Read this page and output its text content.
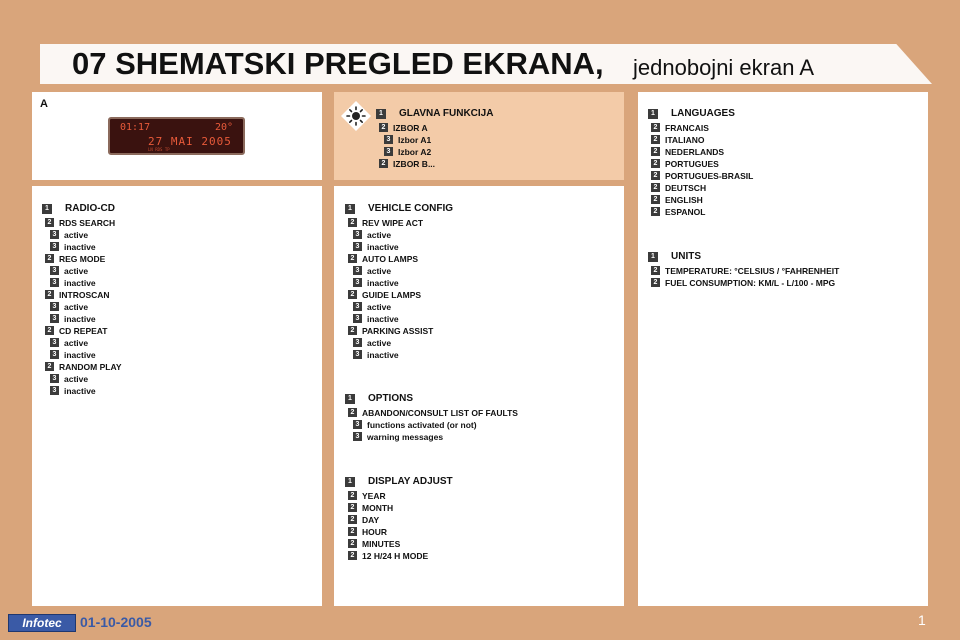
07 SHEMATSKI PREGLED EKRANA, jednobojni ekran A
A
01:17	20°
27 MAI 2005
LN RDS TP
1 RADIO-CD
2 RDS SEARCH
3 active
3 inactive
2 REG MODE
3 active
3 inactive
2 INTROSCAN
3 active
3 inactive
2 CD REPEAT
3 active
3 inactive
2 RANDOM PLAY
3 active
3 inactive
1 GLAVNA FUNKCIJA
2 IZBOR A
3 Izbor A1
3 Izbor A2
2 IZBOR B...
1 VEHICLE CONFIG
2 REV WIPE ACT
3 active
3 inactive
2 AUTO LAMPS
3 active
3 inactive
2 GUIDE LAMPS
3 active
3 inactive
2 PARKING ASSIST
3 active
3 inactive
1 OPTIONS
2 ABANDON/CONSULT LIST OF FAULTS
3 functions activated (or not)
3 warning messages
1 DISPLAY ADJUST
2 YEAR
2 MONTH
2 DAY
2 HOUR
2 MINUTES
2 12 H/24 H MODE
1 LANGUAGES
2 FRANCAIS
2 ITALIANO
2 NEDERLANDS
2 PORTUGUES
2 PORTUGUES-BRASIL
2 DEUTSCH
2 ENGLISH
2 ESPANOL
1 UNITS
2 TEMPERATURE: °CELSIUS / °FAHRENHEIT
2 FUEL CONSUMPTION: KM/L - L/100 - MPG
Infotec	01-10-2005	1
